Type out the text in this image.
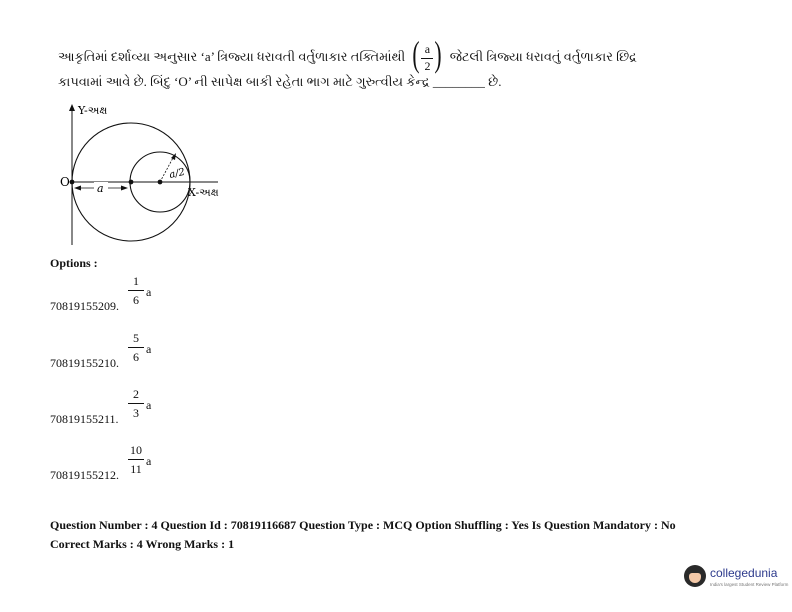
આકૃતિમાં દર્શાવ્યા અનુસાર ‘a’ ત્રિજ્યા ધરાવતી વર્તુળાકાર તક્તિમાંથી ( a
2 ) જેટલી ત્રિજ્યા ધરાવતું વર્તુળાકાર છિદ્ર
કાપવામાં આવે છે. બિંદુ ‘O’ ની સાપેક્ષ બાકી રહેતા ભાગ માટે ગુરુત્વીય કેન્દ્ર ________ છે.
Y-અક્ષ
X-અક્ષ
O a
a/2
Options :
70819155209.
1
6
a
70819155210.
5
6
a
70819155211.
2
3
a
70819155212.
10
11
a
Question Number : 4 Question Id : 70819116687 Question Type : MCQ Option Shuffling : Yes Is Question Mandatory : No
Correct Marks : 4 Wrong Marks : 1
collegedunia
India's largest Student Review Platform
